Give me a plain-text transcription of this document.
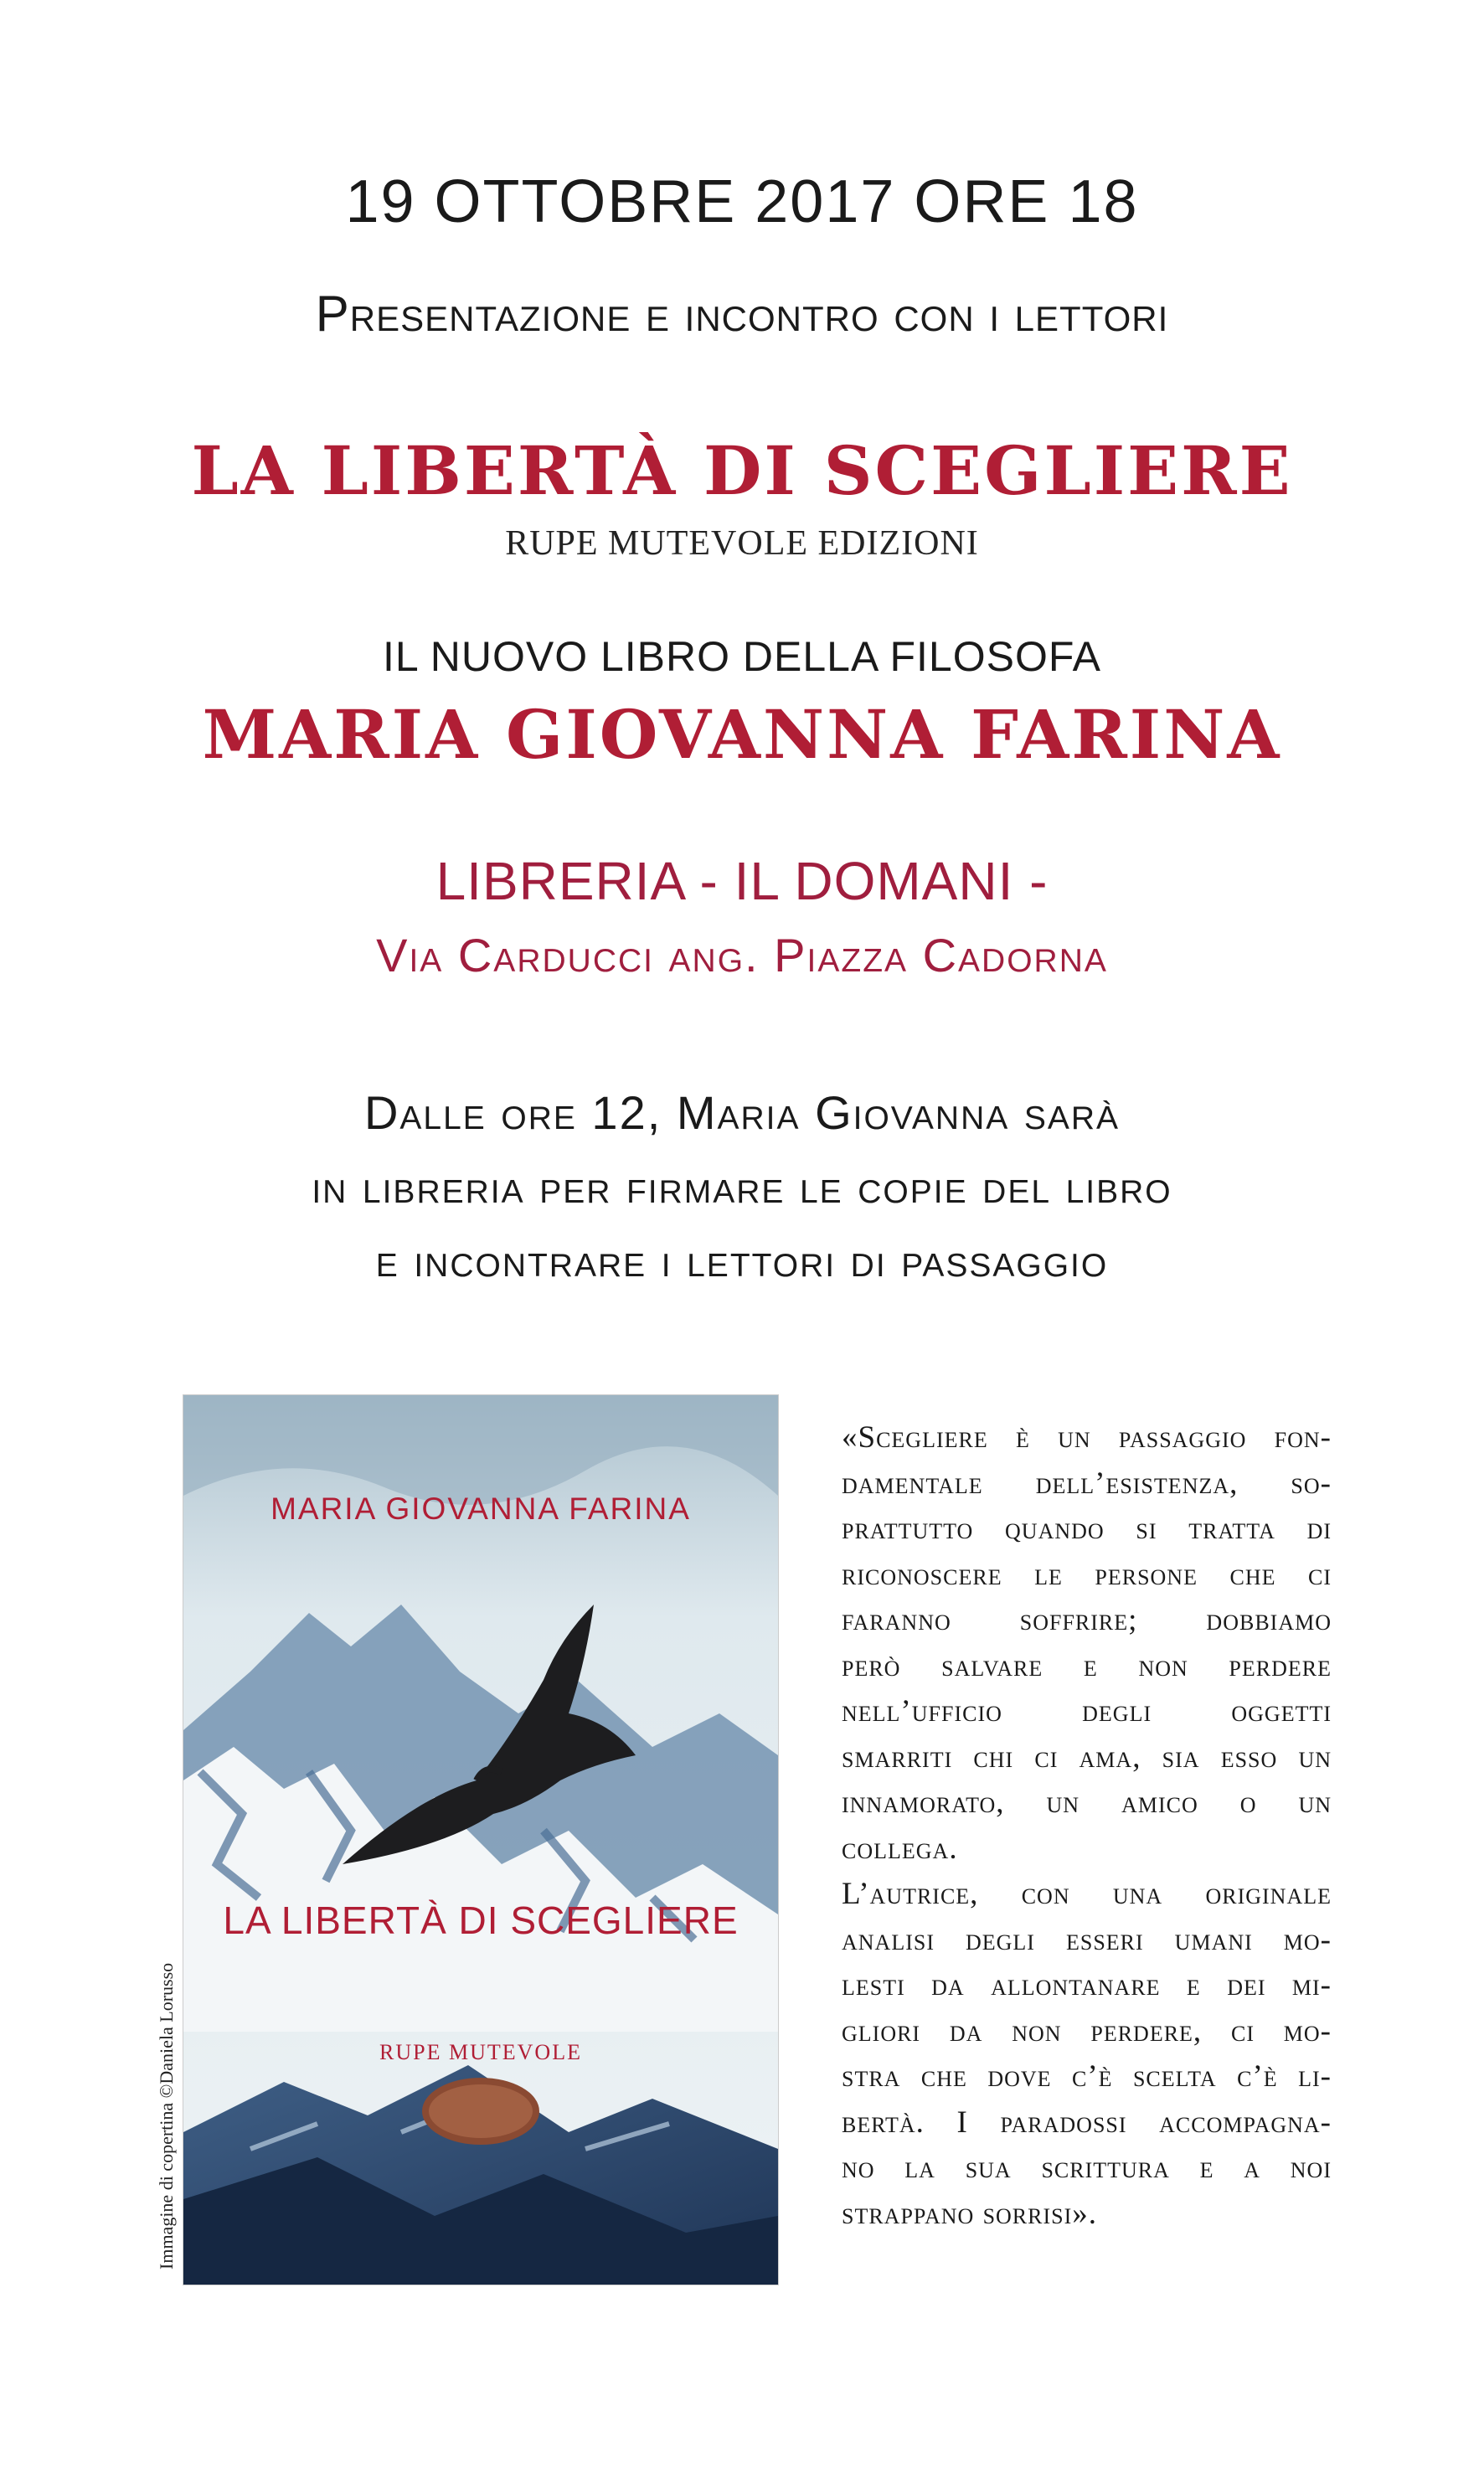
19 OTTOBRE 2017 ORE 18
Presentazione e incontro con i lettori
LA LIBERTÀ DI SCEGLIERE
RUPE MUTEVOLE EDIZIONI
IL NUOVO LIBRO DELLA FILOSOFA
MARIA GIOVANNA FARINA
LIBRERIA - IL DOMANI -
Via Carducci ang. Piazza Cadorna
Dalle ore 12, Maria Giovanna sarà
in libreria per firmare le copie del libro
e incontrare i lettori di passaggio
MARIA GIOVANNA FARINA
LA LIBERTÀ DI SCEGLIERE
RUPE MUTEVOLE
Immagine di copertina ©Daniela Lorusso
«Scegliere è un passaggio fon-
damentale dell’esistenza, so-
prattutto quando si tratta di
riconoscere le persone che ci
faranno soffrire; dobbiamo
però salvare e non perdere
nell’ufficio degli oggetti
smarriti chi ci ama, sia esso un
innamorato, un amico o un
collega.
L’autrice, con una originale
analisi degli esseri umani mo-
lesti da allontanare e dei mi-
gliori da non perdere, ci mo-
stra che dove c’è scelta c’è li-
bertà. I paradossi accompagna-
no la sua scrittura e a noi
strappano sorrisi».
